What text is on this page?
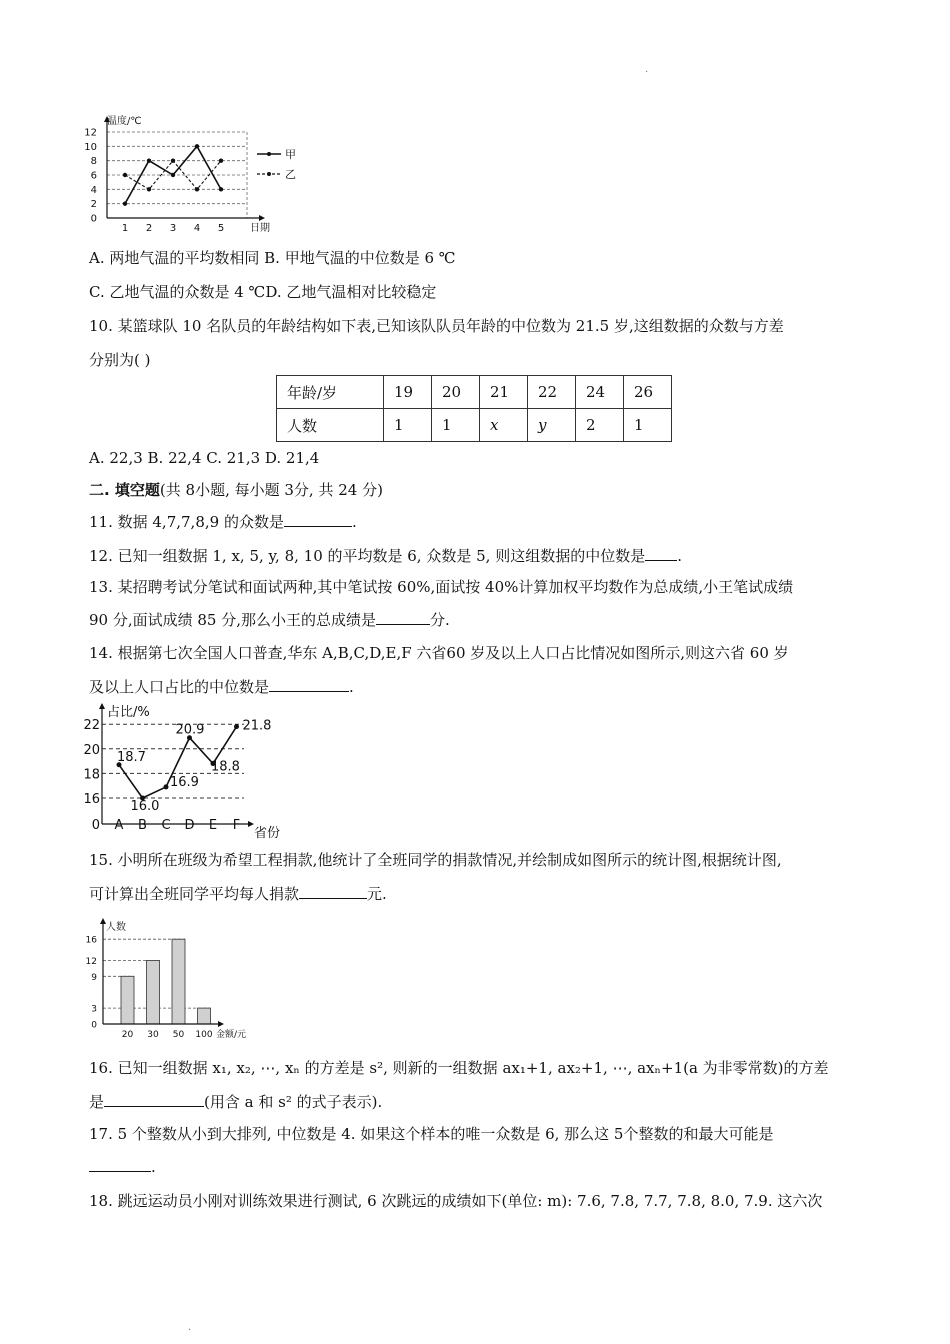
.
0
2
4
6
8
10
12
1 2 3 4 5
温度/℃
日期
甲
乙
A. 两地气温的平均数相同 B. 甲地气温的中位数是 6 ℃
C. 乙地气温的众数是 4 ℃D. 乙地气温相对比较稳定
10. 某篮球队 10 名队员的年龄结构如下表,已知该队队员年龄的中位数为 21.5 岁,这组数据的众数与方差
分别为( )
年龄/岁	19	20	21	22	24	26
人数	1	1	x	y	2	1
A. 22,3 B. 22,4 C. 21,3 D. 21,4
二. 填空题(共 8小题, 每小题 3分, 共 24 分)
11. 数据 4,7,7,8,9 的众数是	.
12. 已知一组数据 1, x, 5, y, 8, 10 的平均数是 6, 众数是 5, 则这组数据的中位数是 .
13. 某招聘考试分笔试和面试两种,其中笔试按 60%,面试按 40%计算加权平均数作为总成绩,小王笔试成绩
90 分,面试成绩 85 分,那么小王的总成绩是	分.
14. 根据第七次全国人口普查,华东 A,B,C,D,E,F 六省60 岁及以上人口占比情况如图所示,则这六省 60 岁
及以上人口占比的中位数是	.
18.7
16.0
16.9
20.9
18.8
21.8
0
16
18
20
22
占比/%
省份
A B C D E F
15. 小明所在班级为希望工程捐款,他统计了全班同学的捐款情况,并绘制成如图所示的统计图,根据统计图,
可计算出全班同学平均每人捐款	元.
20 30 50 100
0
3
9
12
16
人数
金额/元
16. 已知一组数据 x₁, x₂, ⋯, xₙ 的方差是 s², 则新的一组数据 ax₁+1, ax₂+1, ⋯, axₙ+1(a 为非零常数)的方差
是	(用含 a 和 s² 的式子表示).
17. 5 个整数从小到大排列, 中位数是 4. 如果这个样本的唯一众数是 6, 那么这 5个整数的和最大可能是
.
18. 跳远运动员小刚对训练效果进行测试, 6 次跳远的成绩如下(单位: m): 7.6, 7.8, 7.7, 7.8, 8.0, 7.9. 这六次
.
